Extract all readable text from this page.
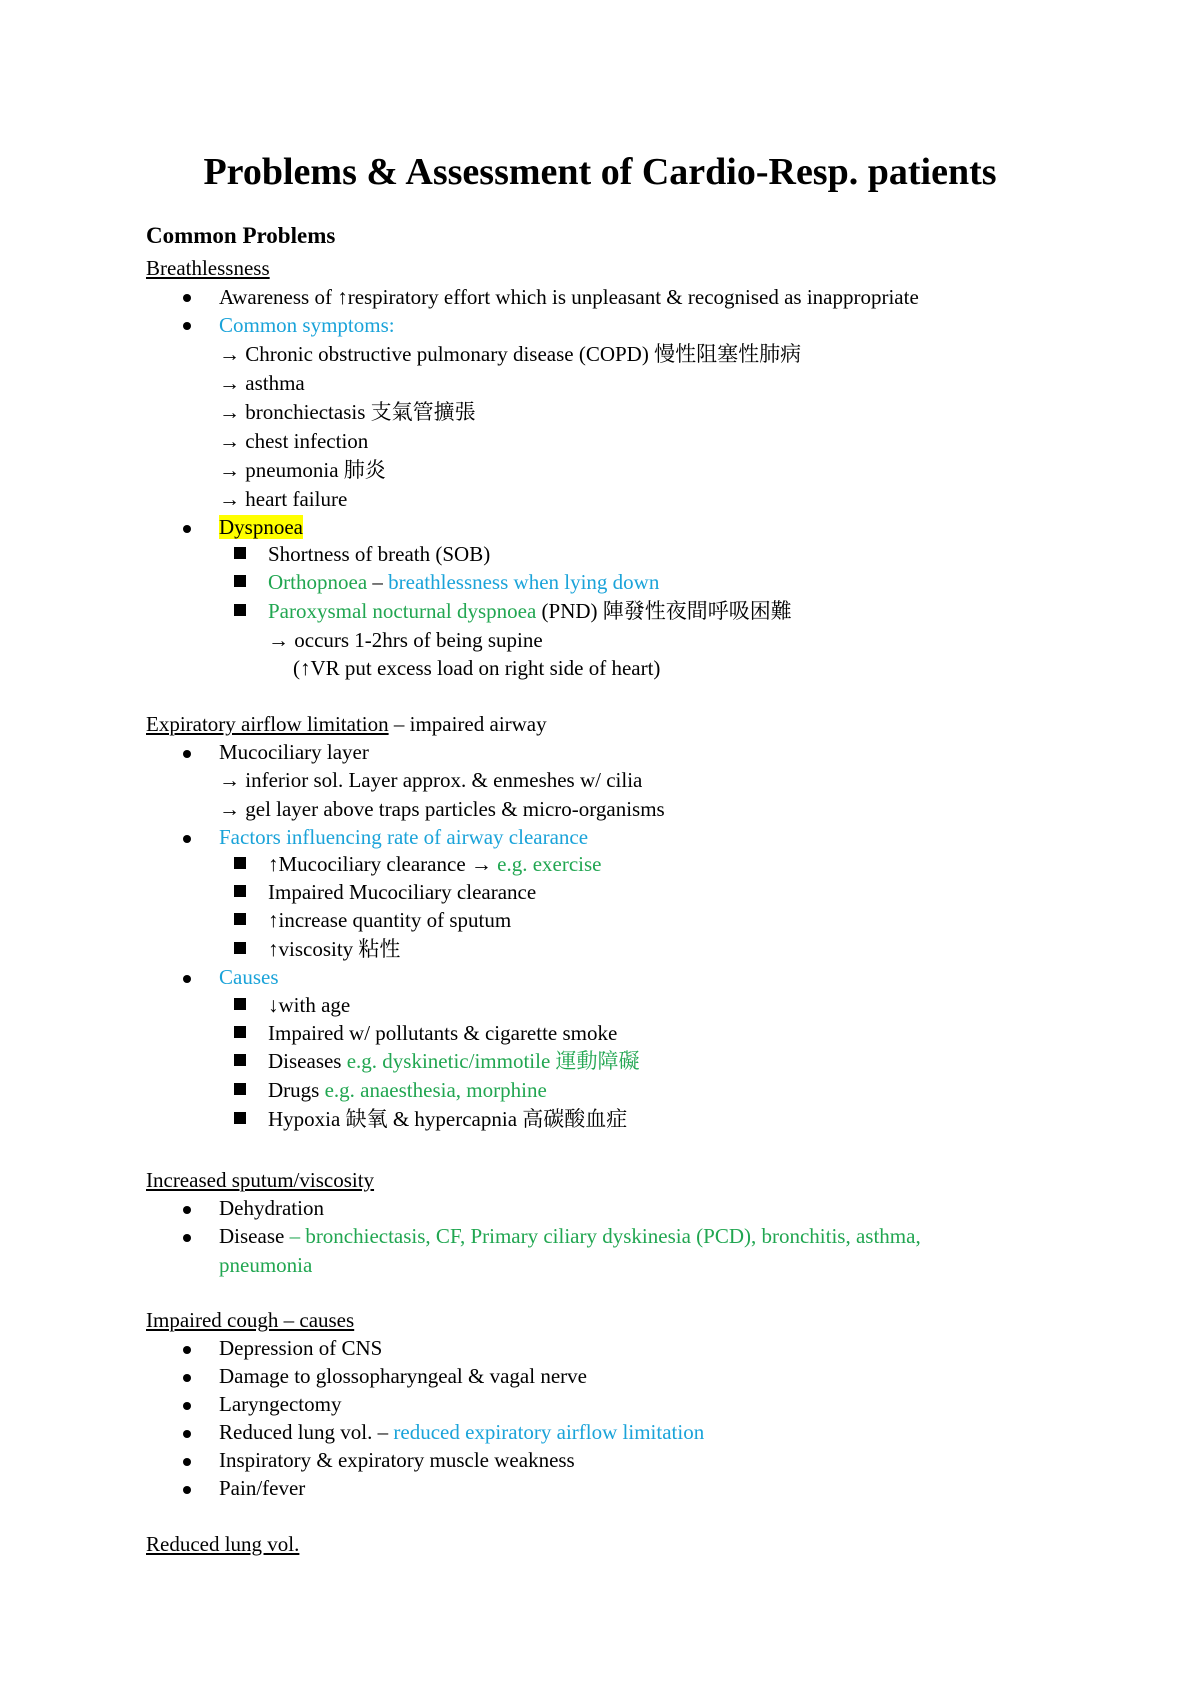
Problems & Assessment of Cardio-Resp. patients
Common Problems
Breathlessness
Awareness of ↑respiratory effort which is unpleasant & recognised as inappropriate
Common symptoms:
→ Chronic obstructive pulmonary disease (COPD) 慢性阻塞性肺病
→ asthma
→ bronchiectasis 支氣管擴張
→ chest infection
→ pneumonia 肺炎
→ heart failure
Dyspnoea
Shortness of breath (SOB)
Orthopnoea – breathlessness when lying down
Paroxysmal nocturnal dyspnoea (PND) 陣發性夜間呼吸困難
→ occurs 1-2hrs of being supine
(↑VR put excess load on right side of heart)
Expiratory airflow limitation – impaired airway
Mucociliary layer
→ inferior sol. Layer approx. & enmeshes w/ cilia
→ gel layer above traps particles & micro-organisms
Factors influencing rate of airway clearance
↑Mucociliary clearance → e.g. exercise
Impaired Mucociliary clearance
↑increase quantity of sputum
↑viscosity 粘性
Causes
↓with age
Impaired w/ pollutants & cigarette smoke
Diseases e.g. dyskinetic/immotile 運動障礙
Drugs e.g. anaesthesia, morphine
Hypoxia 缺氧 & hypercapnia 高碳酸血症
Increased sputum/viscosity
Dehydration
Disease – bronchiectasis, CF, Primary ciliary dyskinesia (PCD), bronchitis, asthma,
pneumonia
Impaired cough – causes
Depression of CNS
Damage to glossopharyngeal & vagal nerve
Laryngectomy
Reduced lung vol. – reduced expiratory airflow limitation
Inspiratory & expiratory muscle weakness
Pain/fever
Reduced lung vol.
